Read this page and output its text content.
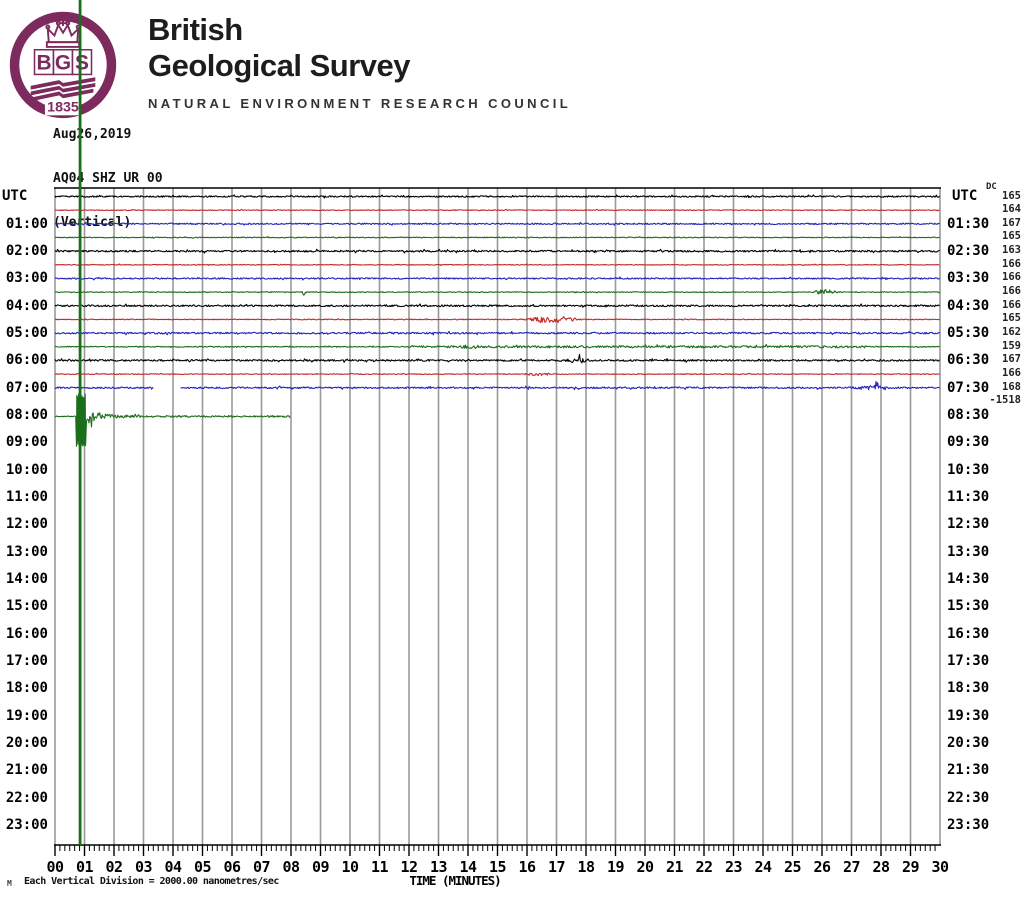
B G S
1835
British
Geological Survey
NATURAL ENVIRONMENT RESEARCH COUNCIL
Aug26,2019

AQ04 SHZ UR 00

(Vertical)
UTC	UTC
DC
01:00
02:00
03:00
04:00
05:00
06:00
07:00
08:00
09:00
10:00
11:00
12:00
13:00
14:00
15:00
16:00
17:00
18:00
19:00
20:00
21:00
22:00
23:00
01:30
02:30
03:30
04:30
05:30
06:30
07:30
08:30
09:30
10:30
11:30
12:30
13:30
14:30
15:30
16:30
17:30
18:30
19:30
20:30
21:30
22:30
23:30
165
164
167
165
163
166
166
166
166
165
162
159
167
166
168
-1518
00 01 02 03 04 05 06 07 08 09 10 11 12 13 14 15 16 17 18 19 20 21 22 23 24 25 26 27 28 29 30
M Each Vertical Division = 2000.00 nanometres/sec	TIME (MINUTES)
